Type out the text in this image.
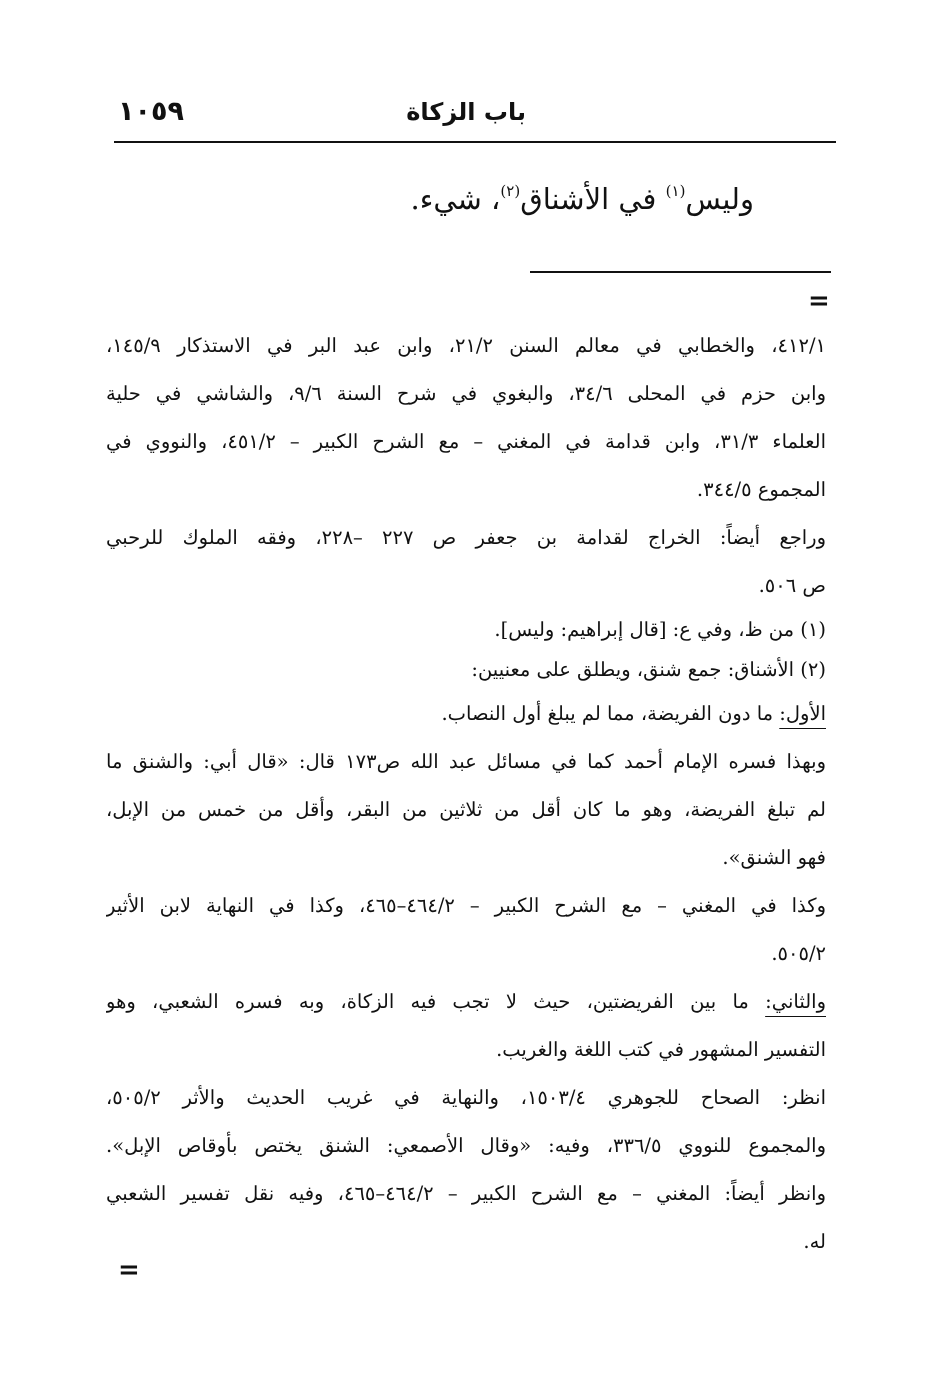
باب الزكاة
١٠٥٩
وليس$^{(١)}$ في الأشناق$^{(٢)}$، شيء.
=
٤١٢/١، والخطابي في معالم السنن ٢١/٢، وابن عبد البر في الاستذكار ١٤٥/٩،
وابن حزم في المحلى ٣٤/٦، والبغوي في شرح السنة ٩/٦، والشاشي في حلية
العلماء ٣١/٣، وابن قدامة في المغني – مع الشرح الكبير – ٤٥١/٢، والنووي في
المجموع ٣٤٤/٥.
وراجع أيضاً: الخراج لقدامة بن جعفر ص ٢٢٧ –٢٢٨، وفقه الملوك للرحبي
ص ٥٠٦.
(١) من ظ، وفي ع: [قال إبراهيم: وليس].
(٢) الأشناق: جمع شنق، ويطلق على معنيين:
الأول: ما دون الفريضة، مما لم يبلغ أول النصاب.
وبهذا فسره الإمام أحمد كما في مسائل عبد الله ص١٧٣ قال: «قال أبي: والشنق ما
لم تبلغ الفريضة، وهو ما كان أقل من ثلاثين من البقر، وأقل من خمس من الإبل،
فهو الشنق».
وكذا في المغني – مع الشرح الكبير – ٤٦٤/٢–٤٦٥، وكذا في النهاية لابن الأثير
٥٠٥/٢.
والثاني: ما بين الفريضتين، حيث لا تجب فيه الزكاة، وبه فسره الشعبي، وهو
التفسير المشهور في كتب اللغة والغريب.
انظر: الصحاح للجوهري ١٥٠٣/٤، والنهاية في غريب الحديث والأثر ٥٠٥/٢،
والمجموع للنووي ٣٣٦/٥، وفيه: «وقال الأصمعي: الشنق يختص بأوقاص الإبل».
وانظر أيضاً: المغني – مع الشرح الكبير – ٤٦٤/٢–٤٦٥، وفيه نقل تفسير الشعبي
له.
=
